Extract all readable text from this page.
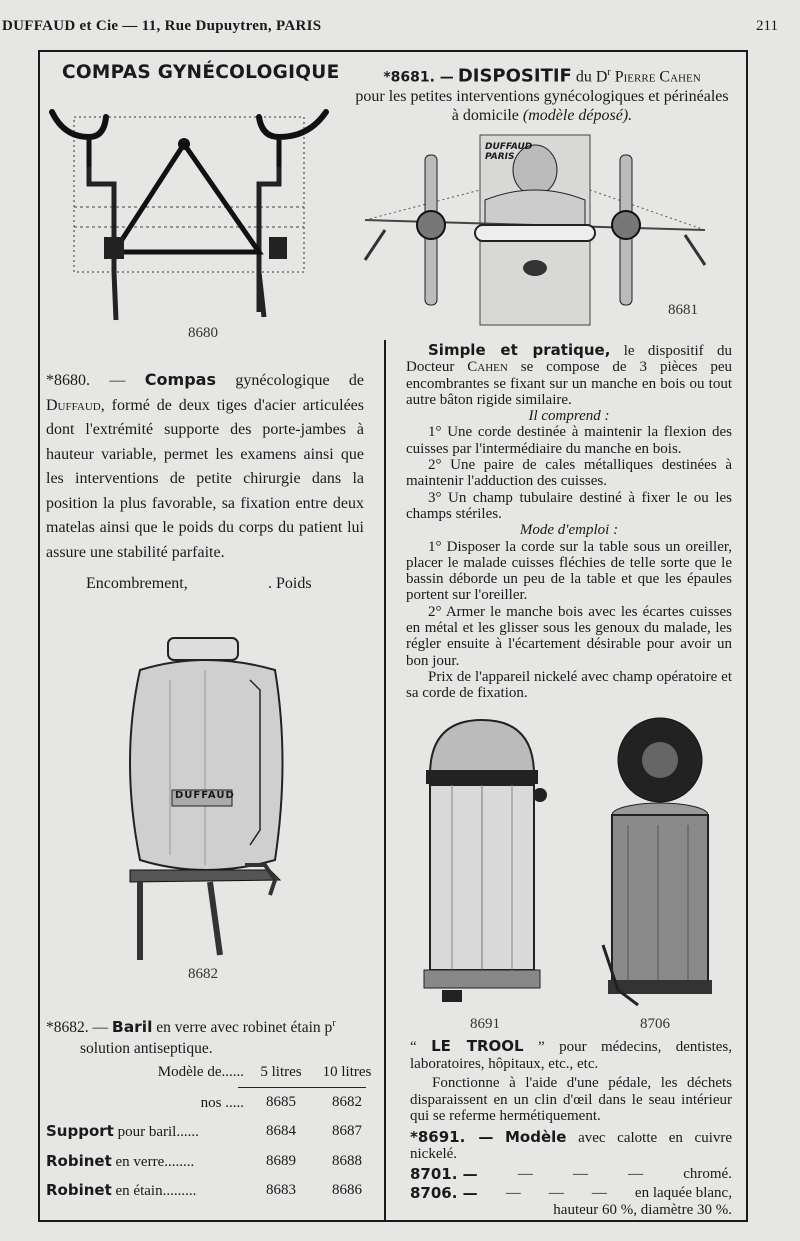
DUFFAUD et Cie — 11, Rue Dupuytren, PARIS	211
COMPAS GYNÉCOLOGIQUE	*8681. — DISPOSITIF du $D^r$ Pierre Cahen
pour les petites interventions gynécologiques et périnéales à domicile (modèle déposé).
8680
DUFFAUD
PARIS
8681
*8680. — Compas gynécologique de Duffaud, formé de deux tiges d'acier articulées dont l'extrémité supporte des porte-jambes à hauteur variable, permet les examens ainsi que les interventions de petite chirurgie dans la position la plus favorable, sa fixation entre deux matelas ainsi que le poids du corps du patient lui assure une stabilité parfaite.
Encombrement,	. Poids

Simple et pratique, le dispositif du Docteur Cahen se compose de 3 pièces peu encombrantes se fixant sur un manche en bois ou tout autre bâton rigide similaire.

Il comprend :

1° Une corde destinée à maintenir la flexion des cuisses par l'intermédiaire du manche en bois.

2° Une paire de cales métalliques destinées à maintenir l'adduction des cuisses.

3° Un champ tubulaire destiné à fixer le ou les champs stériles.

Mode d'emploi :

1° Disposer la corde sur la table sous un oreiller, placer le malade cuisses fléchies de telle sorte que le bassin déborde un peu de la table et que les épaules portent sur l'oreiller.

2° Armer le manche bois avec les écartes cuisses en métal et les glisser sous les genoux du malade, les régler ensuite à l'écartement désirable pour avoir un bon jour.

Prix de l'appareil nickelé avec champ opératoire et sa corde de fixation.

DUFFAUD
8682
*8682. — Baril en verre avec robinet étain $p^r$
solution antiseptique.
Modèle de......	5 litres	10 litres
nos .....	8685	8682
Support pour baril......	8684	8687
Robinet en verre........	8689	8688
Robinet en étain.........	8683	8686
8691	8706

“ LE TROOL ” pour médecins, dentistes, laboratoires, hôpitaux, etc., etc.

Fonctionne à l'aide d'une pédale, les déchets disparaissent en un clin d'œil dans le seau intérieur qui se referme hermétiquement.

*8691. — Modèle avec calotte en cuivre nickelé.

8701. —	—	—	—	chromé.

8706. — — — — en laquée blanc,

hauteur 60 %, diamètre 30 %.
